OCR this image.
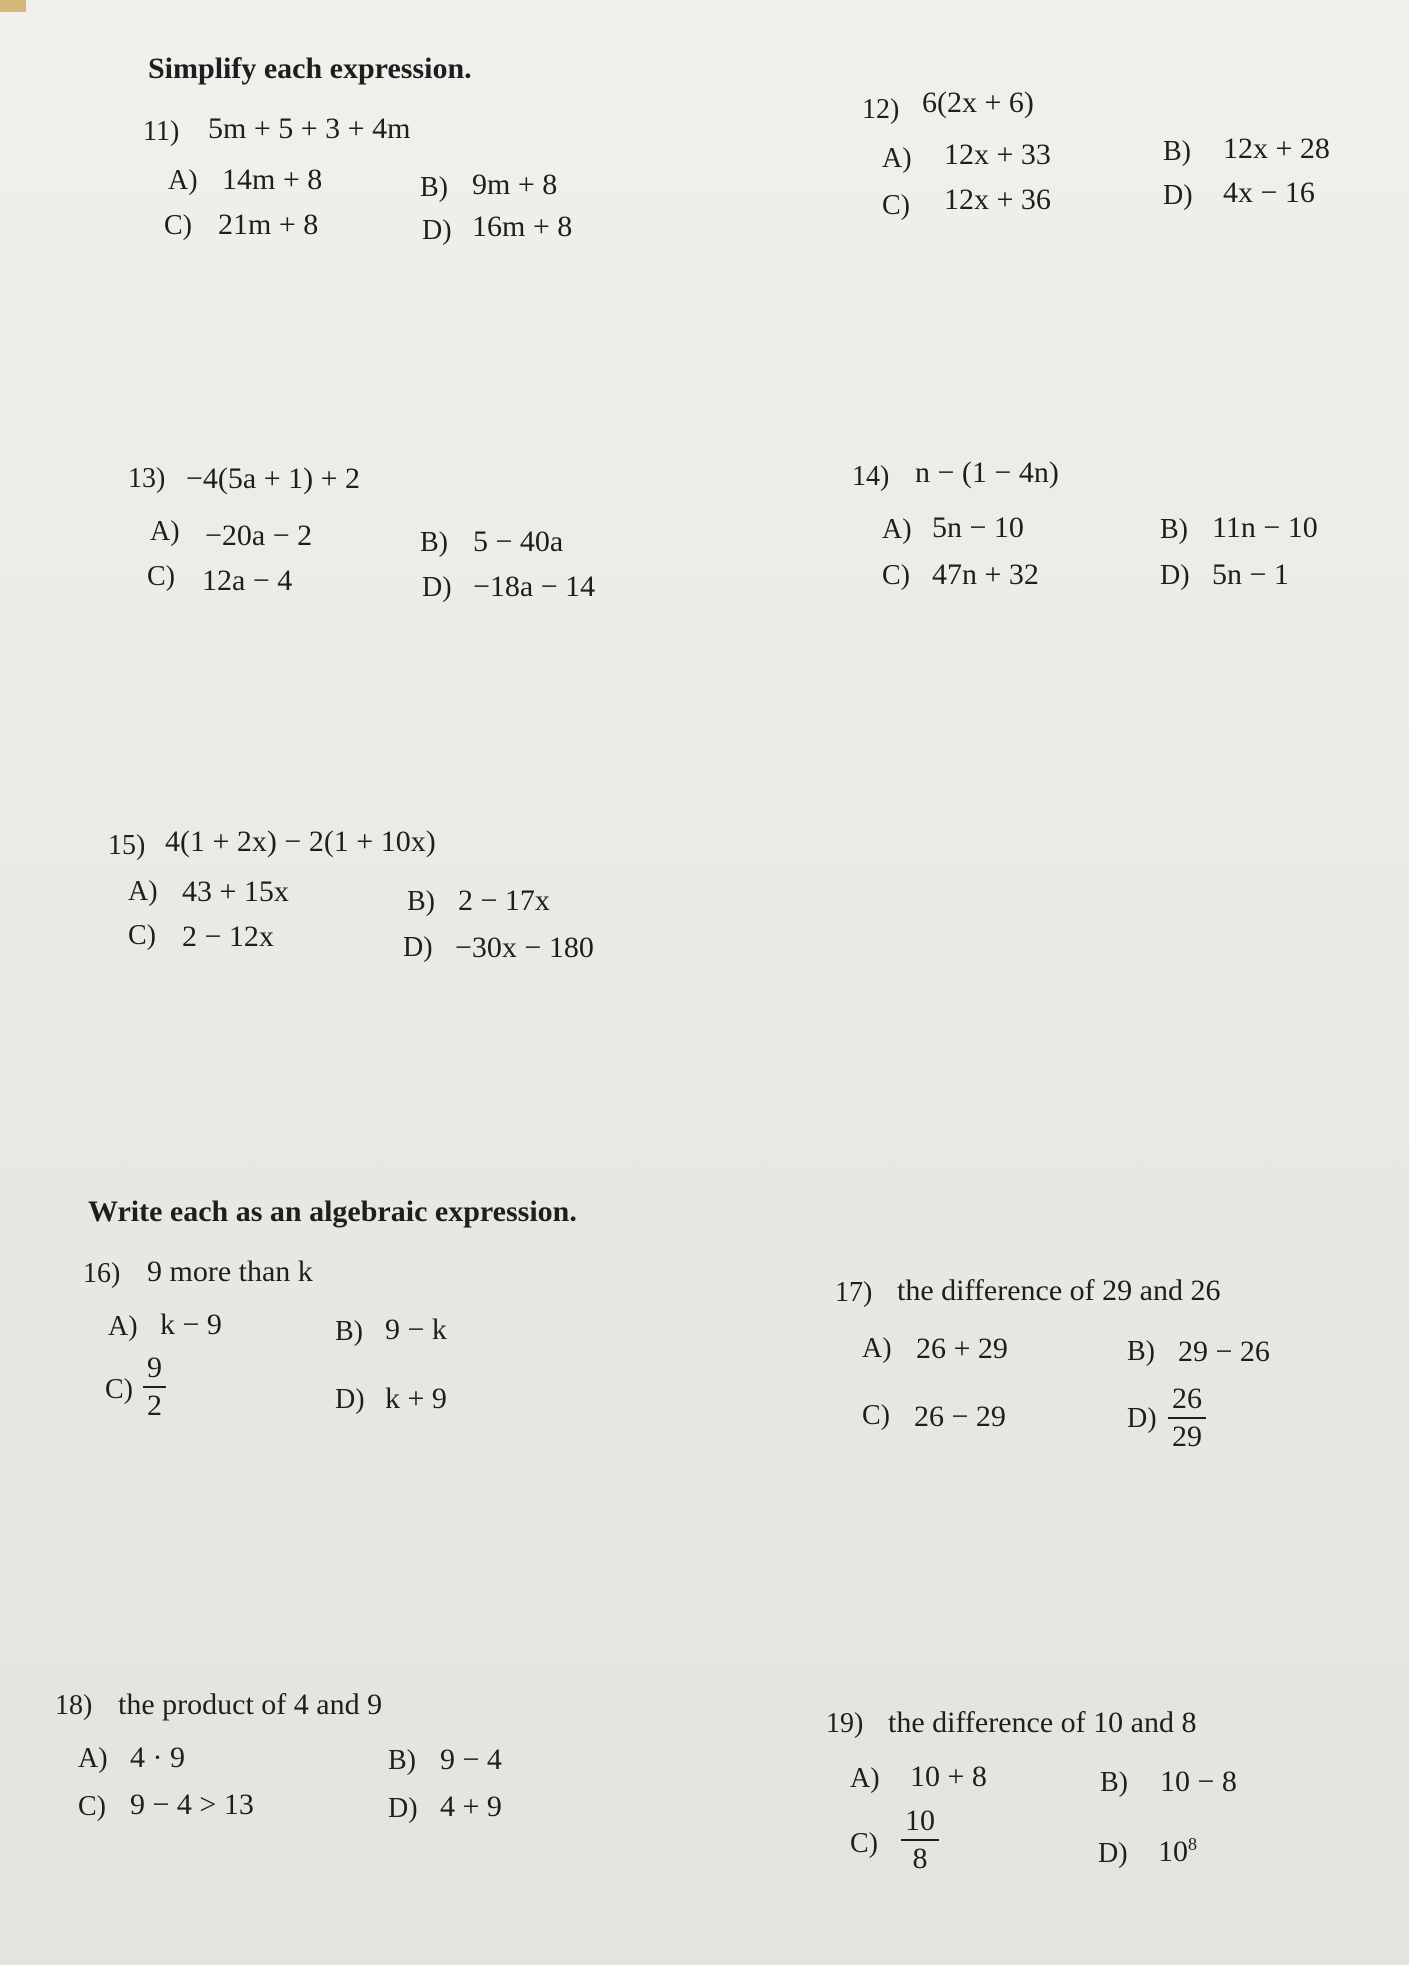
Simplify each expression.
11) 5m + 5 + 3 + 4m
A) 14m + 8	B) 9m + 8
C) 21m + 8	D) 16m + 8
12) 6(2x + 6)
A) 12x + 33	B) 12x + 28
C) 12x + 36	D) 4x − 16
13) −4(5a + 1) + 2
A) −20a − 2	B) 5 − 40a
C) 12a − 4	D) −18a − 14
14) n − (1 − 4n)
A) 5n − 10	B) 11n − 10
C) 47n + 32	D) 5n − 1
15) 4(1 + 2x) − 2(1 + 10x)
A) 43 + 15x	B) 2 − 17x
C) 2 − 12x	D) −30x − 180
Write each as an algebraic expression.
16) 9 more than k
A) k − 9	B) 9 − k
$C) \frac{9}{2}$	D) k + 9
17) the difference of 29 and 26
A) 26 + 29	B) 29 − 26
C) 26 − 29	$D) \frac{26}{29}$
18) the product of 4 and 9
A) 4 · 9	B) 9 − 4
C) 9 − 4 > 13	D) 4 + 9
19) the difference of 10 and 8
A) 10 + 8	B) 10 − 8
$C) \frac{10}{8}$	D) $10^8$
